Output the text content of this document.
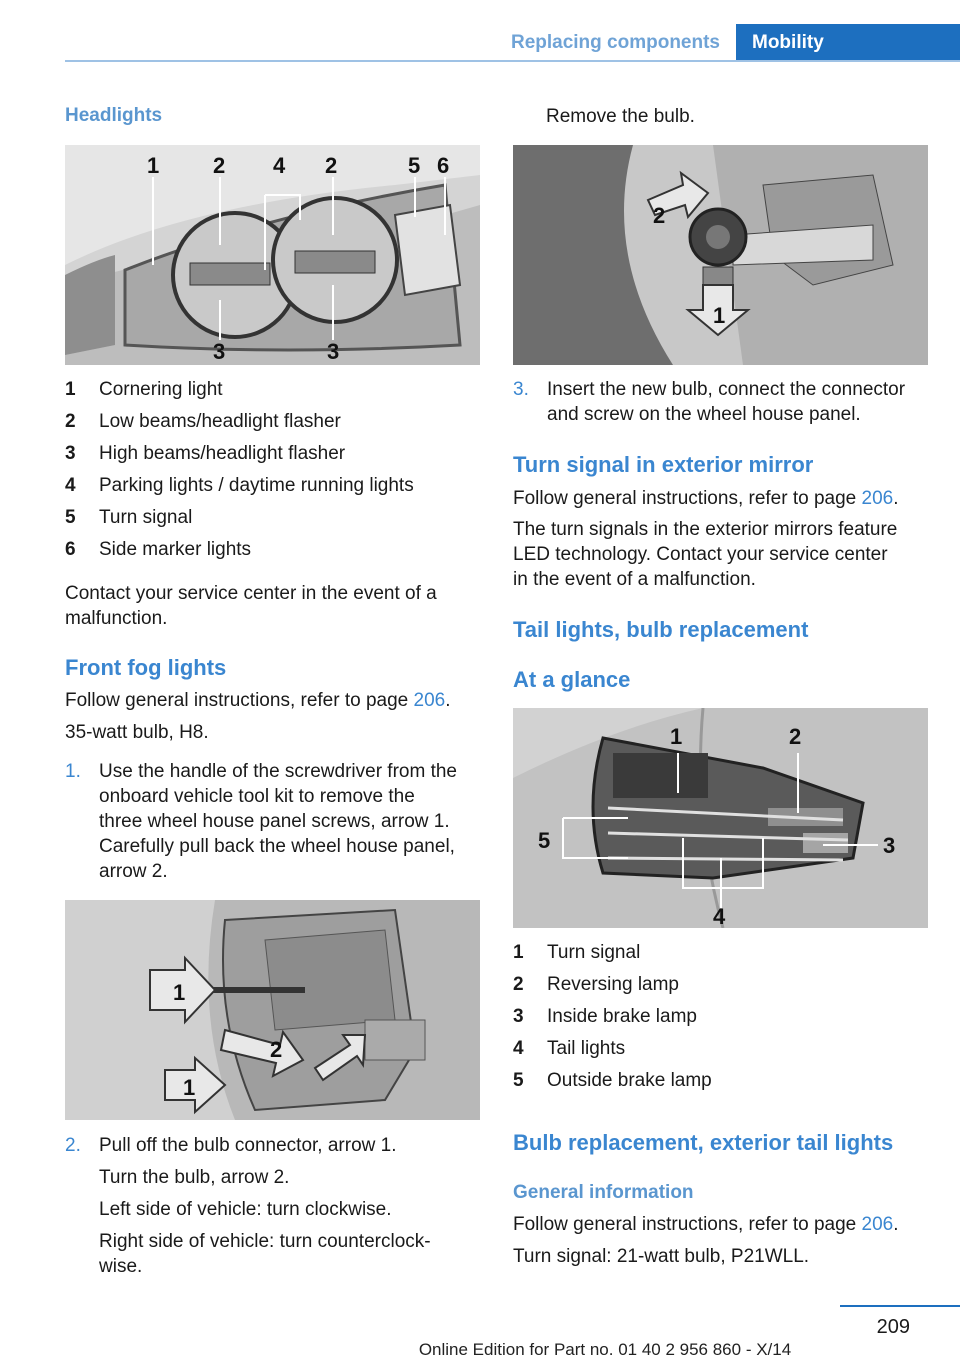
Replacing components	Mobility
Headlights
1 2 4 2	5 6
3	3
1	Cornering light
2	Low beams/headlight flasher
3	High beams/headlight flasher
4	Parking lights / daytime running lights
5	Turn signal
6	Side marker lights
Contact your service center in the event of a
malfunction.
Front fog lights
Follow general instructions, refer to page 206.
35‑watt bulb, H8.
1. Use the handle of the screwdriver from the
onboard vehicle tool kit to remove the
three wheel house panel screws, arrow 1.
Carefully pull back the wheel house panel,
arrow 2.
1
2
1
2. Pull off the bulb connector, arrow 1.
Turn the bulb, arrow 2.
Left side of vehicle: turn clockwise.
Right side of vehicle: turn counterclock‑
wise.
Remove the bulb.
2
1
3. Insert the new bulb, connect the connector
and screw on the wheel house panel.
Turn signal in exterior mirror
Follow general instructions, refer to page 206.
The turn signals in the exterior mirrors feature
LED technology. Contact your service center
in the event of a malfunction.
Tail lights, bulb replacement
At a glance
1	2
5	3
4
1	Turn signal
2	Reversing lamp
3	Inside brake lamp
4	Tail lights
5	Outside brake lamp
Bulb replacement, exterior tail lights
General information
Follow general instructions, refer to page 206.
Turn signal: 21‑watt bulb, P21WLL.
209
Online Edition for Part no. 01 40 2 956 860 - X/14
